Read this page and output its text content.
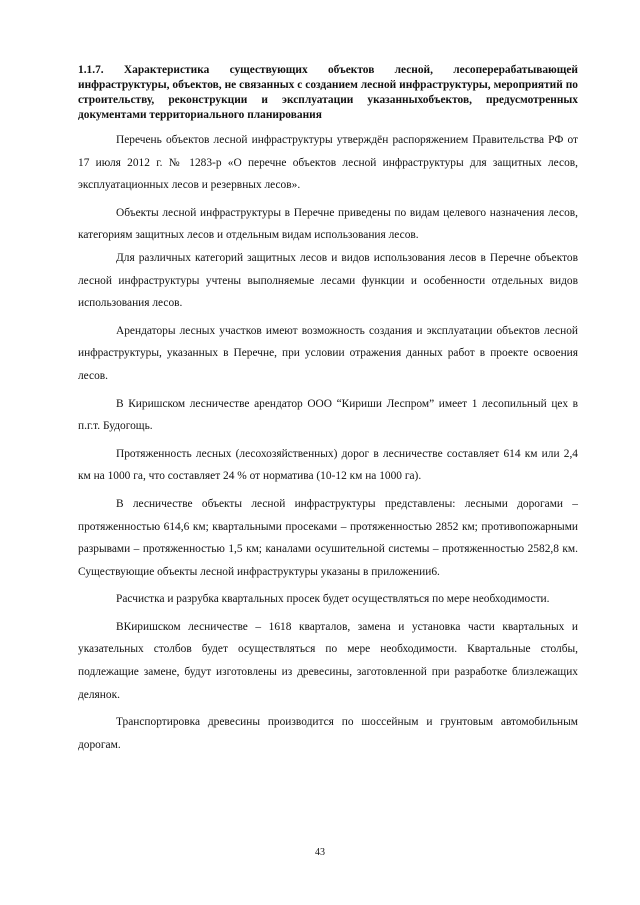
1.1.7. Характеристика существующих объектов лесной, лесоперерабатывающей инфраструктуры, объектов, не связанных с созданием лесной инфраструктуры, мероприятий по строительству, реконструкции и эксплуатации указанныхобъектов, предусмотренных документами территориального планирования

Перечень объектов лесной инфраструктуры утверждён распоряжением Правительства РФ от 17 июля 2012 г. № 1283-р «О перечне объектов лесной инфраструктуры для защитных лесов, эксплуатационных лесов и резервных лесов».

Объекты лесной инфраструктуры в Перечне приведены по видам целевого назначения лесов, категориям защитных лесов и отдельным видам использования лесов.

Для различных категорий защитных лесов и видов использования лесов в Перечне объектов лесной инфраструктуры учтены выполняемые лесами функции и особенности отдельных видов использования лесов.

Арендаторы лесных участков имеют возможность создания и эксплуатации объектов лесной инфраструктуры, указанных в Перечне, при условии отражения данных работ в проекте освоения лесов.

В Киришском лесничестве арендатор ООО “Кириши Леспром” имеет 1 лесопильный цех в п.г.т. Будогощь.

Протяженность лесных (лесохозяйственных) дорог в лесничестве составляет 614 км или 2,4 км на 1000 га, что составляет 24 % от норматива (10-12 км на 1000 га).

В лесничестве объекты лесной инфраструктуры представлены: лесными дорогами – протяженностью 614,6 км; квартальными просеками – протяженностью 2852 км; противопожарными разрывами – протяженностью 1,5 км; каналами осушительной системы – протяженностью 2582,8 км. Существующие объекты лесной инфраструктуры указаны в приложении6.

Расчистка и разрубка квартальных просек будет осуществляться по мере необходимости.

ВКиришском лесничестве – 1618 кварталов, замена и установка части квартальных и указательных столбов будет осуществляться по мере необходимости. Квартальные столбы, подлежащие замене, будут изготовлены из древесины, заготовленной при разработке близлежащих делянок.

Транспортировка древесины производится по шоссейным и грунтовым автомобильным дорогам.

43
